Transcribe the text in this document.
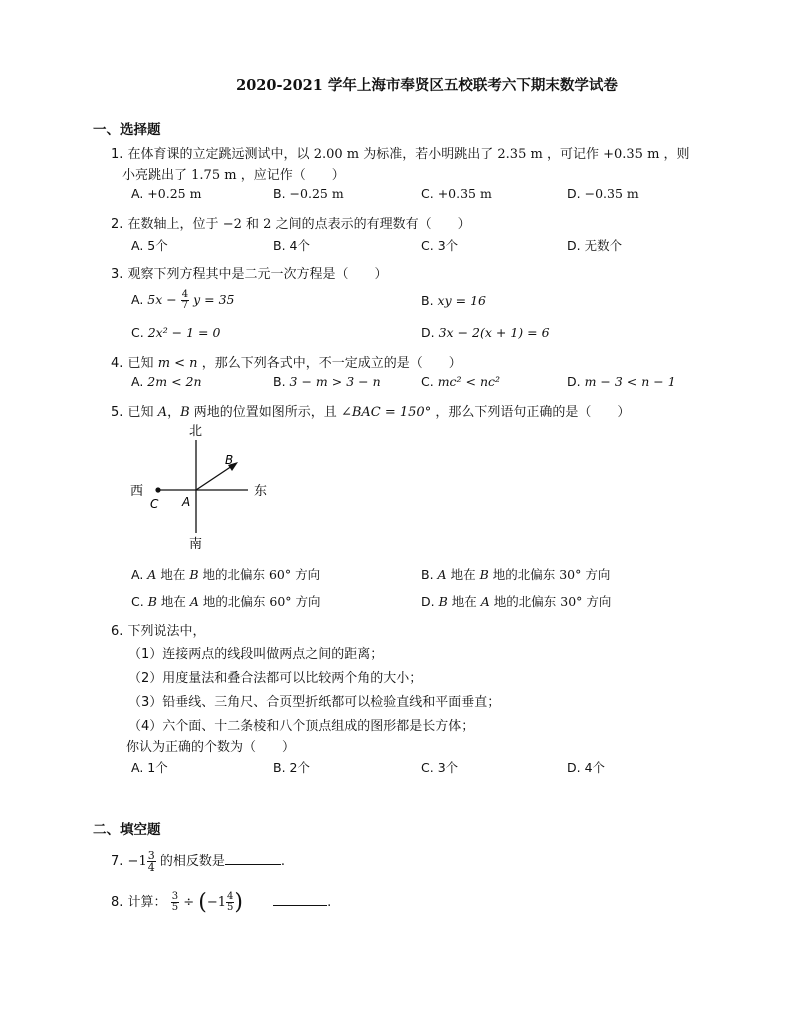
2020-2021 学年上海市奉贤区五校联考六下期末数学试卷
一、选择题
1. 在体育课的立定跳远测试中，以 2.00 m 为标准，若小明跳出了 2.35 m ，可记作 +0.35 m ，则
小亮跳出了 1.75 m ，应记作（　　）
A. +0.25 m	B. −0.25 m	C. +0.35 m	D. −0.35 m
2. 在数轴上，位于 −2 和 2 之间的点表示的有理数有（　　）
A. 5个	B. 4个	C. 3个	D. 无数个
3. 观察下列方程其中是二元一次方程是（　　）
A. $5x - \frac{4}{7}$ y = 35	B. xy = 16
C. 2x² − 1 = 0	D. 3x − 2(x + 1) = 6
4. 已知 m < n ，那么下列各式中，不一定成立的是（　　）
A. 2m < 2n	B. 3 − m > 3 − n	C. mc² < nc²	D. m − 3 < n − 1
5. 已知 A，B 两地的位置如图所示，且 ∠BAC = 150° ，那么下列语句正确的是（　　）
北
南
东
西
A
B
C
A. A 地在 B 地的北偏东 60° 方向	B. A 地在 B 地的北偏东 30° 方向
C. B 地在 A 地的北偏东 60° 方向	D. B 地在 A 地的北偏东 30° 方向
6. 下列说法中，
（1）连接两点的线段叫做两点之间的距离；
（2）用度量法和叠合法都可以比较两个角的大小；
（3）铅垂线、三角尺、合页型折纸都可以检验直线和平面垂直；
（4）六个面、十二条棱和八个顶点组成的图形都是长方体；
你认为正确的个数为（　　）
A. 1个	B. 2个	C. 3个	D. 4个
二、填空题
7. $-1 \frac{3}{4}$ 的相反数是	.
8. 计算： $\frac{3}{5} \div (-1 \frac{4}{5}$ )	.
